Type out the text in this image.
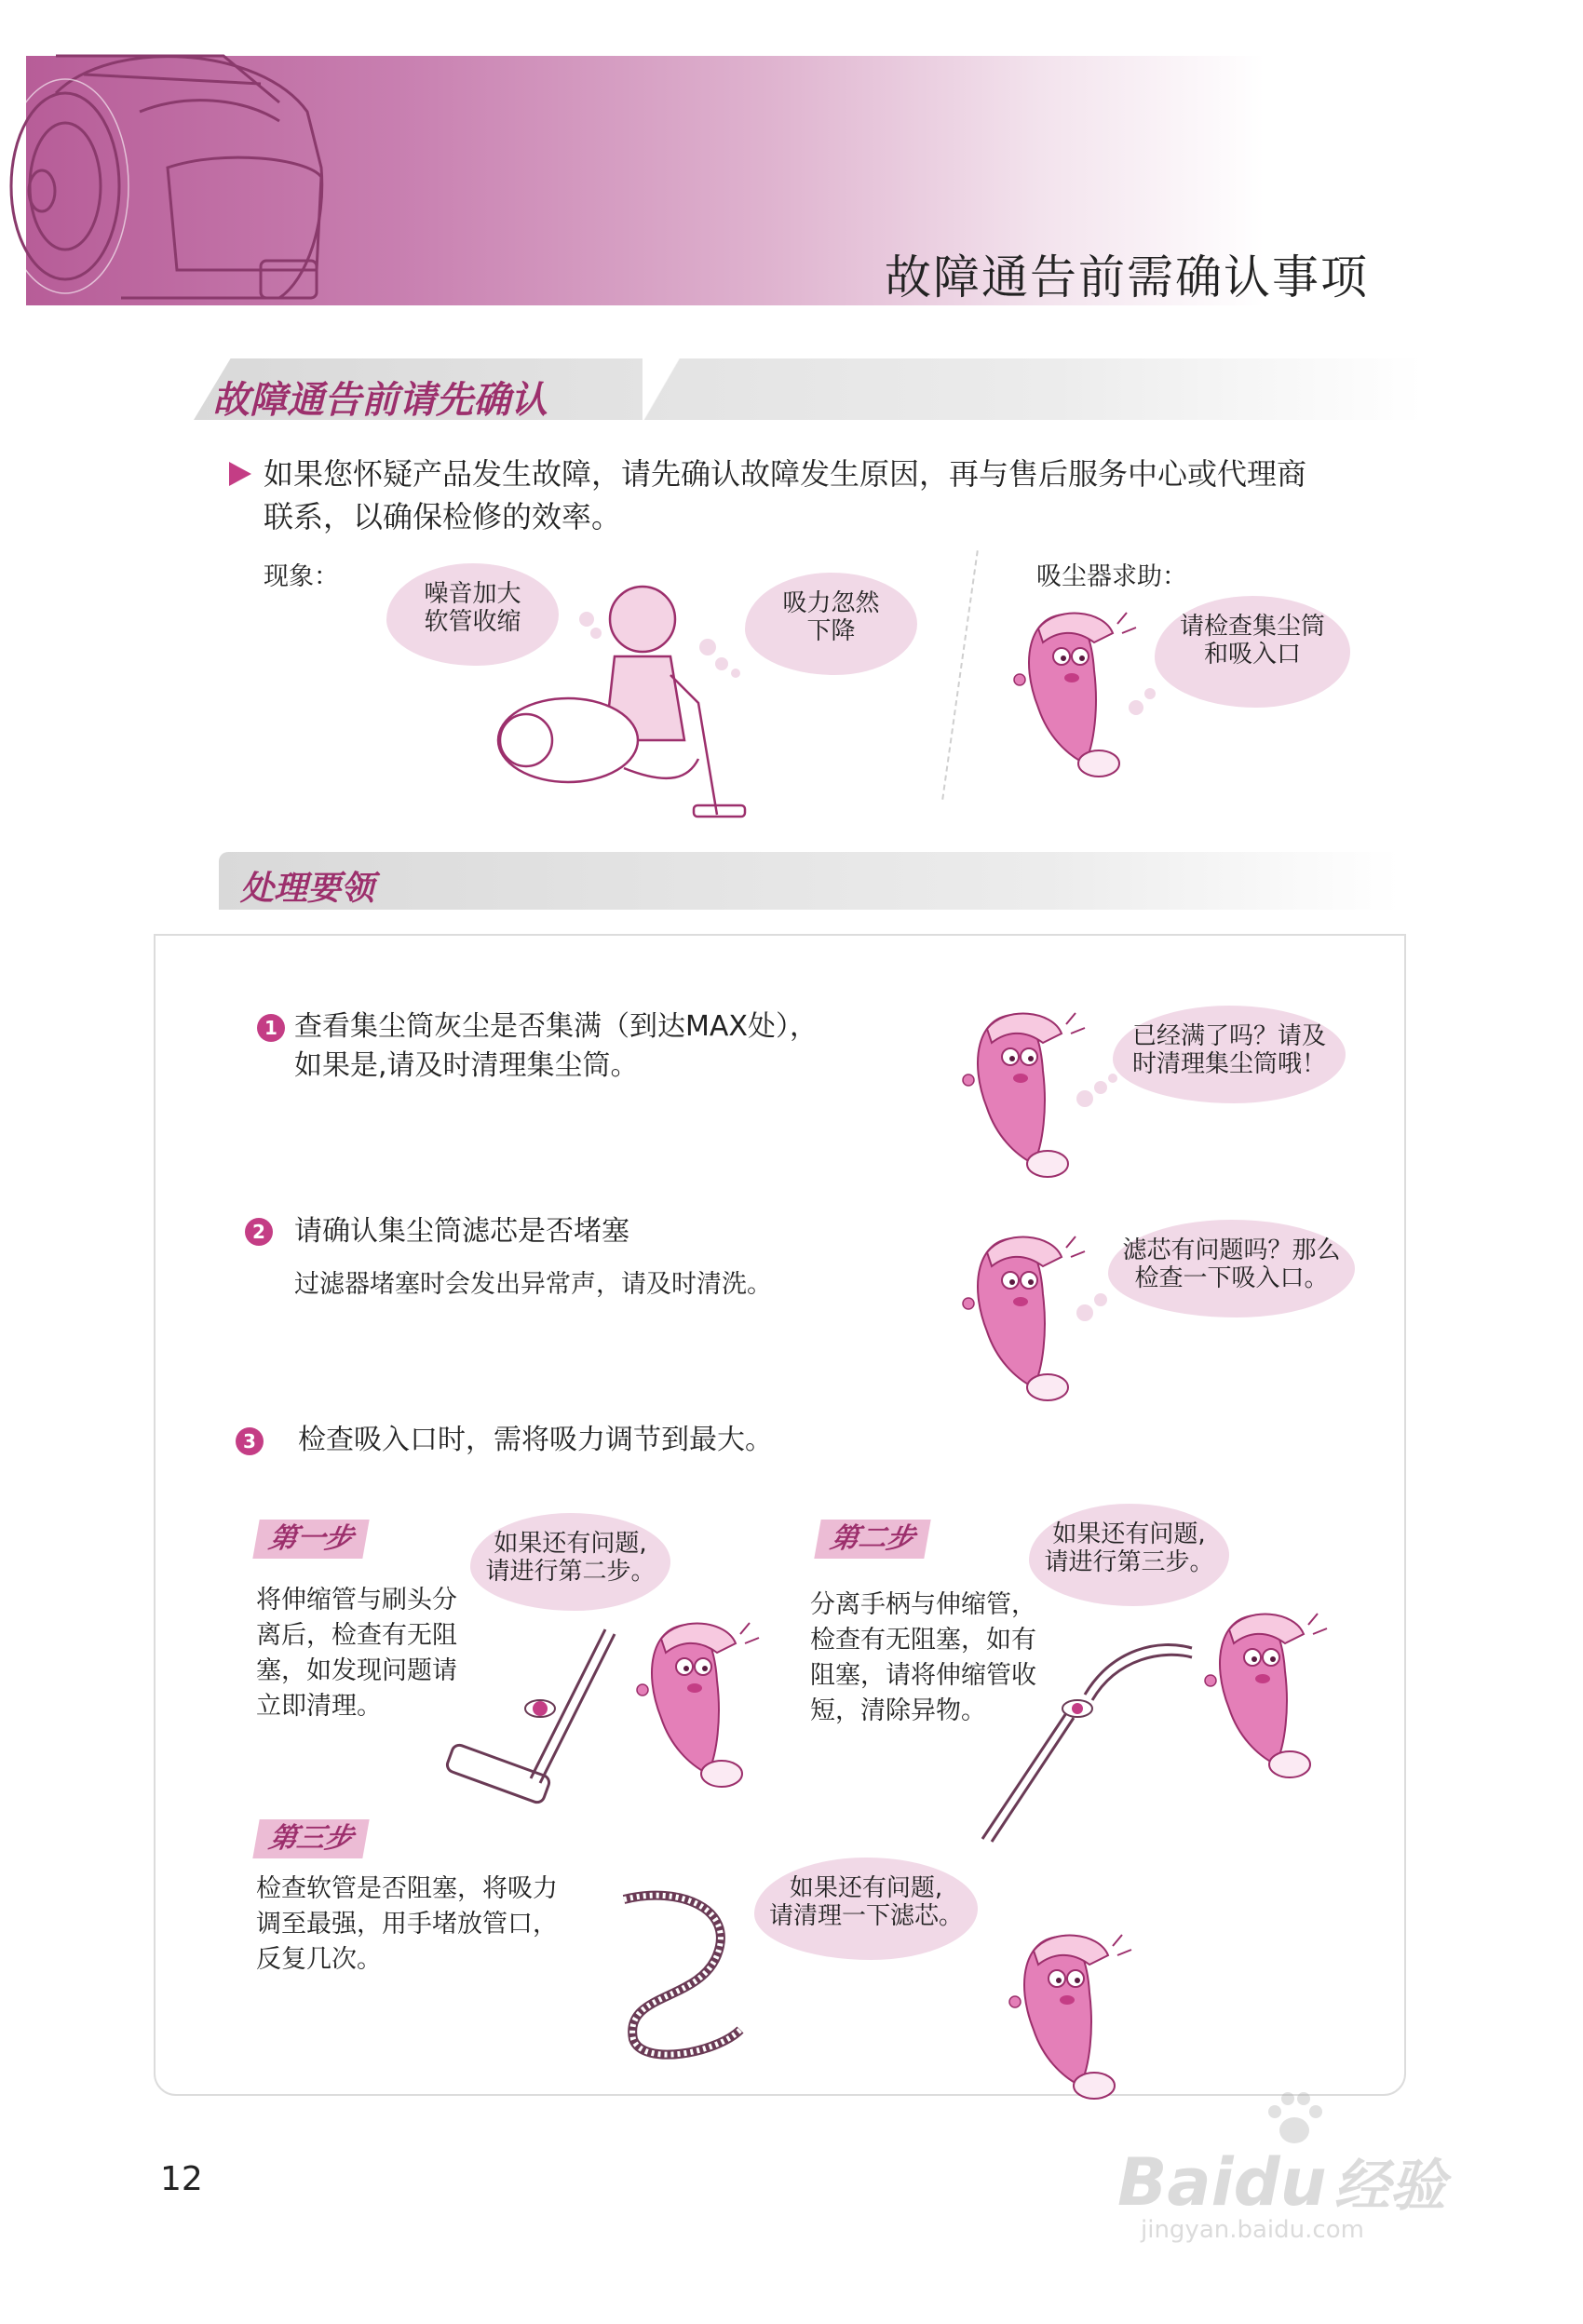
故障通告前需确认事项
故障通告前请先确认
如果您怀疑产品发生故障，请先确认故障发生原因，再与售后服务中心或代理商
联系，以确保检修的效率。
现象：
噪音加大
软管收缩
吸力忽然
下降
吸尘器求助：
请检查集尘筒
和吸入口
处理要领
1 查看集尘筒灰尘是否集满（到达MAX处），
如果是,请及时清理集尘筒。
已经满了吗？请及
时清理集尘筒哦！
2 请确认集尘筒滤芯是否堵塞
过滤器堵塞时会发出异常声，请及时清洗。
滤芯有问题吗？那么
检查一下吸入口。
3 检查吸入口时，需将吸力调节到最大。
第一步
将伸缩管与刷头分
离后，检查有无阻
塞，如发现问题请
立即清理。
如果还有问题,
请进行第二步。
第二步
分离手柄与伸缩管，
检查有无阻塞，如有
阻塞，请将伸缩管收
短，清除异物。
如果还有问题,
请进行第三步。
第三步
检查软管是否阻塞，将吸力
调至最强，用手堵放管口，
反复几次。
如果还有问题,
请清理一下滤芯。
12	Baidu 经验
jingyan.baidu.com
